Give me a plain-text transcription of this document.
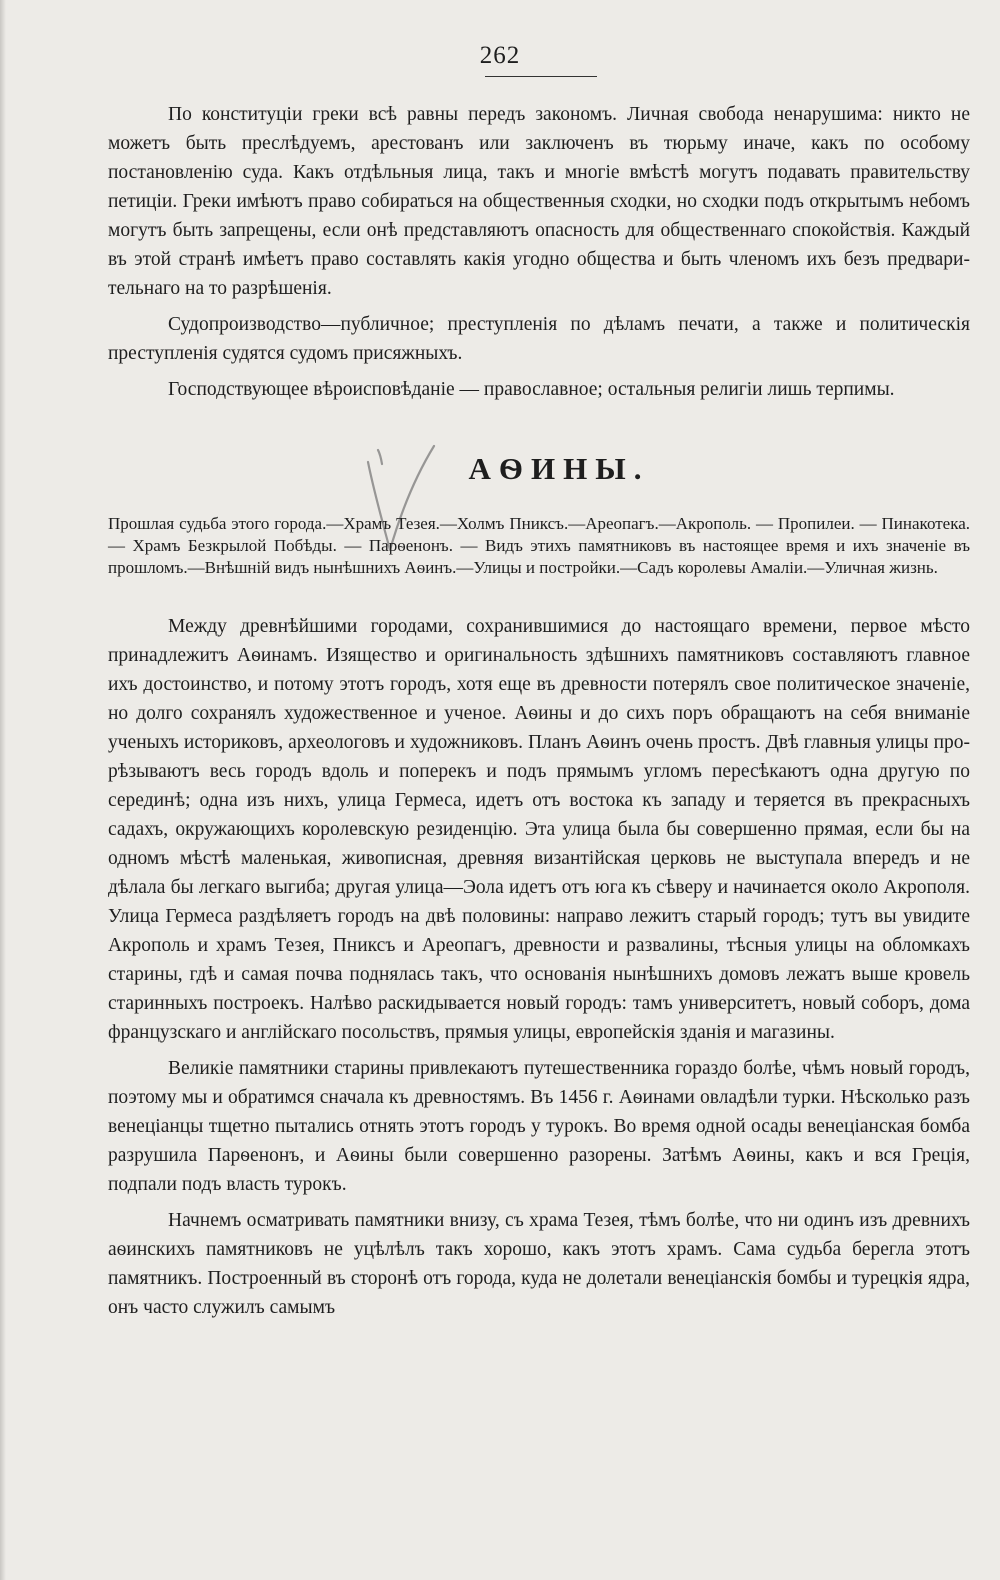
262

По конституціи греки всѣ равны передъ закономъ. Личная свобода ненарушима: никто не можетъ быть преслѣдуемъ, арестованъ или заключенъ въ тюрьму иначе, какъ по особому постановленію суда. Какъ отдѣльныя лица, такъ и многіе вмѣстѣ могутъ подавать правительству петиціи. Греки имѣютъ право собираться на общественныя сходки, но сходки подъ открытымъ небомъ могутъ быть запрещены, если онѣ представляютъ опасность для общественнаго спокойствія. Каждый въ этой странѣ имѣетъ право составлять какія угодно общества и быть членомъ ихъ безъ предварительнаго на то разрѣшенія.

Судопроизводство—публичное; преступленія по дѣламъ печати, а также и политическія преступленія судятся судомъ присяжныхъ.

Господствующее вѣроисповѣданіе — православное; остальныя религіи лишь терпимы.

АѲИНЫ.

Прошлая судьба этого города.—Храмъ Тезея.—Холмъ Пниксъ.—Ареопагъ.—Акрополь. — Пропилеи. — Пинакотека. — Храмъ Безкрылой Побѣды. — Парѳенонъ. — Видъ этихъ памятниковъ въ настоящее время и ихъ значеніе въ прошломъ.—Внѣшній видъ нынѣшнихъ Аѳинъ.—Улицы и постройки.—Садъ королевы Амаліи.—Уличная жизнь.

Между древнѣйшими городами, сохранившимися до настоящаго времени, первое мѣсто принадлежитъ Аѳинамъ. Изящество и оригинальность здѣшнихъ памятниковъ составляютъ главное ихъ достоинство, и потому этотъ городъ, хотя еще въ древности потерялъ свое политическое значеніе, но долго сохранялъ художественное и ученое. Аѳины и до сихъ поръ обращаютъ на себя вниманіе ученыхъ историковъ, археологовъ и художниковъ. Планъ Аѳинъ очень простъ. Двѣ главныя улицы прорѣзываютъ весь городъ вдоль и поперекъ и подъ прямымъ угломъ пересѣкаютъ одна другую по серединѣ; одна изъ нихъ, улица Гермеса, идетъ отъ востока къ западу и теряется въ прекрасныхъ садахъ, окружающихъ королевскую резиденцію. Эта улица была бы совершенно прямая, если бы на одномъ мѣстѣ маленькая, живописная, древняя византійская церковь не выступала впередъ и не дѣлала бы легкаго выгиба; другая улица—Эола идетъ отъ юга къ сѣверу и начинается около Акрополя. Улица Гермеса раздѣляетъ городъ на двѣ половины: направо лежитъ старый городъ; тутъ вы увидите Акрополь и храмъ Тезея, Пниксъ и Ареопагъ, древности и развалины, тѣсныя улицы на обломкахъ старины, гдѣ и самая почва поднялась такъ, что основанія нынѣшнихъ домовъ лежатъ выше кровель старинныхъ построекъ. Налѣво раскидывается новый городъ: тамъ университетъ, новый соборъ, дома французскаго и англійскаго посольствъ, прямыя улицы, европейскія зданія и магазины.

Великіе памятники старины привлекаютъ путешественника гораздо болѣе, чѣмъ новый городъ, поэтому мы и обратимся сначала къ древностямъ. Въ 1456 г. Аѳинами овладѣли турки. Нѣсколько разъ венеціанцы тщетно пытались отнять этотъ городъ у турокъ. Во время одной осады венеціанская бомба разрушила Парѳенонъ, и Аѳины были совершенно разорены. Затѣмъ Аѳины, какъ и вся Греція, подпали подъ власть турокъ.

Начнемъ осматривать памятники внизу, съ храма Тезея, тѣмъ болѣе, что ни одинъ изъ древнихъ аѳинскихъ памятниковъ не уцѣлѣлъ такъ хорошо, какъ этотъ храмъ. Сама судьба берегла этотъ памятникъ. Построенный въ сторонѣ отъ города, куда не долетали венеціанскія бомбы и турецкія ядра, онъ часто служилъ самымъ
